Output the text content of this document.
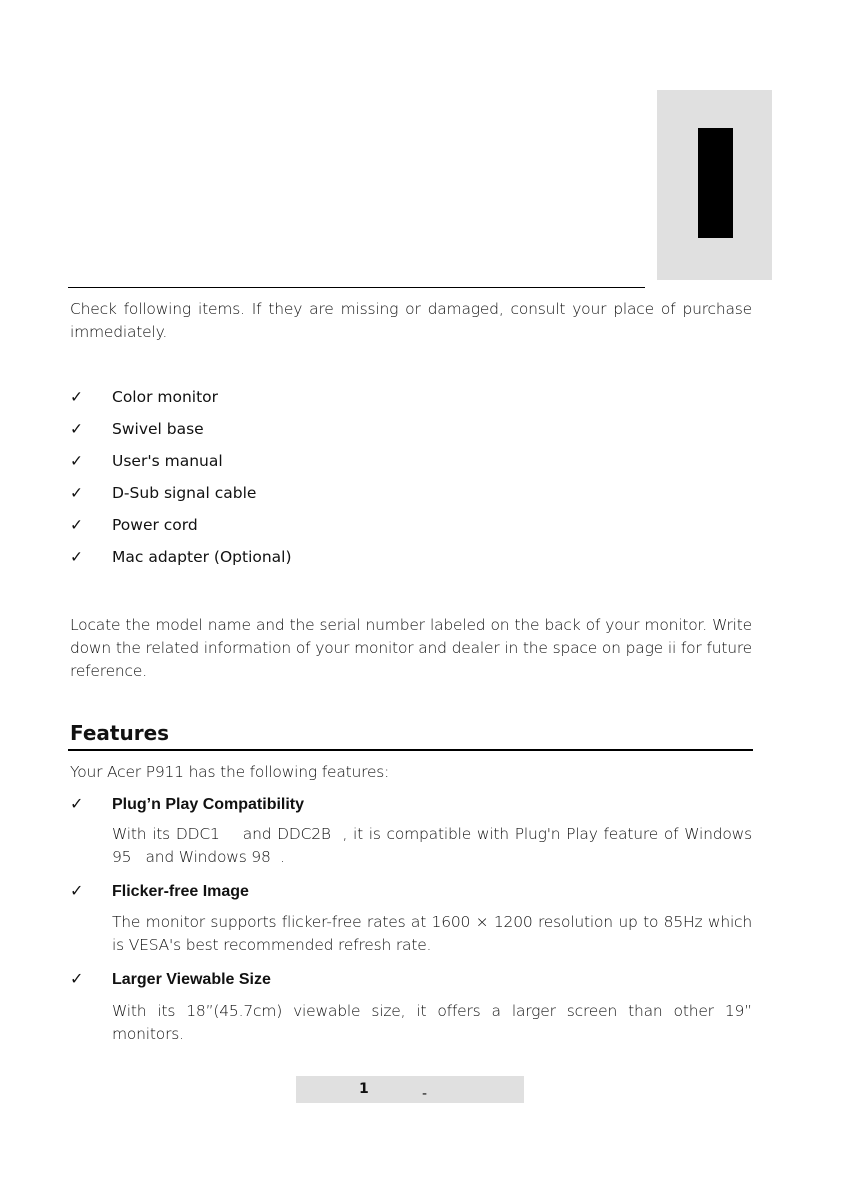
Check following items. If they are missing or damaged, consult your place of purchase immediately.
✓ Color monitor
✓ Swivel base
✓ User's manual
✓ D-Sub signal cable
✓ Power cord
✓ Mac adapter (Optional)
Locate the model name and the serial number labeled on the back of your monitor. Write down the related information of your monitor and dealer in the space on page ii for future reference.
Features
Your Acer P911 has the following features:
✓ Plug’n Play Compatibility
With its DDC1    and DDC2B  , it is compatible with Plug'n Play feature of Windows 95   and Windows 98  .
✓ Flicker-free Image
The monitor supports flicker-free rates at 1600 × 1200 resolution up to 85Hz which is VESA's best recommended refresh rate.
✓ Larger Viewable Size
With its 18”(45.7cm) viewable size, it offers a larger screen than other 19” monitors.
-
1
